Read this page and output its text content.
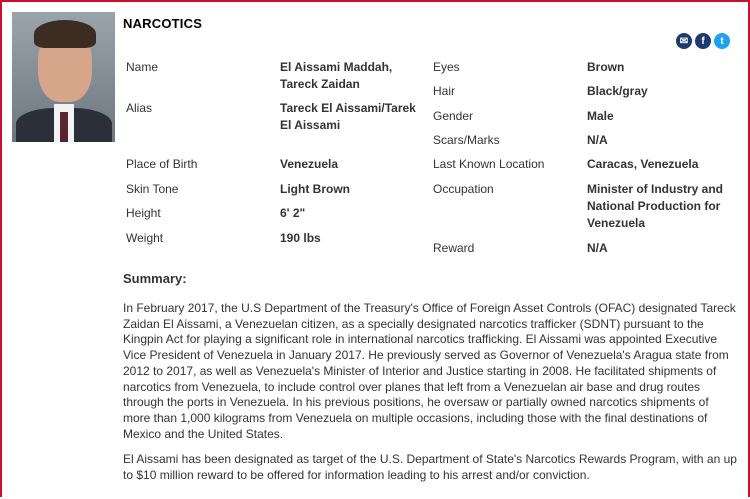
NARCOTICS
✉	f	t
Name	El Aissami Maddah, Tareck Zaidan
Alias	Tareck El Aissami/Tarek El Aissami
Place of Birth	Venezuela
Skin Tone	Light Brown
Height	6' 2"
Weight	190 lbs
Eyes	Brown
Hair	Black/gray
Gender	Male
Scars/Marks	N/A
Last Known Location	Caracas, Venezuela
Occupation	Minister of Industry and National Production for Venezuela
Reward	N/A
Summary:
In February 2017, the U.S Department of the Treasury's Office of Foreign Asset Controls (OFAC) designated Tareck Zaidan El Aissami, a Venezuelan citizen, as a specially designated narcotics trafficker (SDNT) pursuant to the Kingpin Act for playing a significant role in international narcotics trafficking. El Aissami was appointed Executive Vice President of Venezuela in January 2017. He previously served as Governor of Venezuela's Aragua state from 2012 to 2017, as well as Venezuela's Minister of Interior and Justice starting in 2008. He facilitated shipments of narcotics from Venezuela, to include control over planes that left from a Venezuelan air base and drug routes through the ports in Venezuela. In his previous positions, he oversaw or partially owned narcotics shipments of more than 1,000 kilograms from Venezuela on multiple occasions, including those with the final destinations of Mexico and the United States.
El Aissami has been designated as target of the U.S. Department of State's Narcotics Rewards Program, with an up to $10 million reward to be offered for information leading to his arrest and/or conviction.
